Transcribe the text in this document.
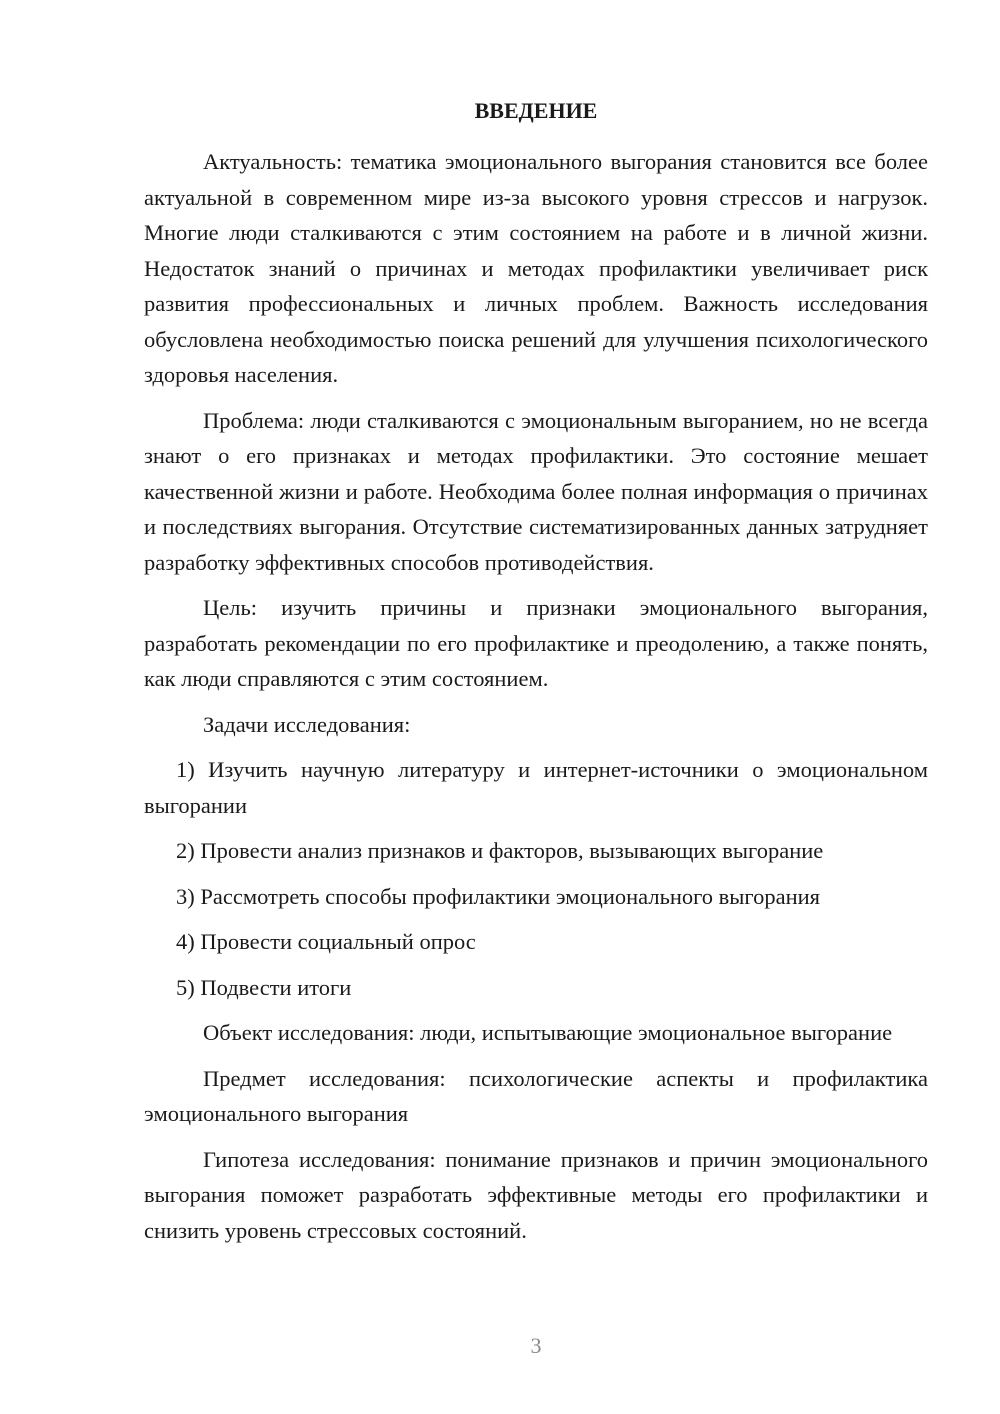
ВВЕДЕНИЕ

Актуальность: тематика эмоционального выгорания становится все более актуальной в современном мире из-за высокого уровня стрессов и нагрузок. Многие люди сталкиваются с этим состоянием на работе и в личной жизни. Недостаток знаний о причинах и методах профилактики увеличивает риск развития профессиональных и личных проблем. Важность исследования обусловлена необходимостью поиска решений для улучшения психологического здоровья населения.

Проблема: люди сталкиваются с эмоциональным выгоранием, но не всегда знают о его признаках и методах профилактики. Это состояние мешает качественной жизни и работе. Необходима более полная информация о причинах и последствиях выгорания. Отсутствие систематизированных данных затрудняет разработку эффективных способов противодействия.

Цель: изучить причины и признаки эмоционального выгорания, разработать рекомендации по его профилактике и преодолению, а также понять, как люди справляются с этим состоянием.

Задачи исследования:

1) Изучить научную литературу и интернет-источники о эмоциональном выгорании

2) Провести анализ признаков и факторов, вызывающих выгорание

3) Рассмотреть способы профилактики эмоционального выгорания

4) Провести социальный опрос

5) Подвести итоги

Объект исследования: люди, испытывающие эмоциональное выгорание

Предмет исследования: психологические аспекты и профилактика эмоционального выгорания

Гипотеза исследования: понимание признаков и причин эмоционального выгорания поможет разработать эффективные методы его профилактики и снизить уровень стрессовых состояний.

3
